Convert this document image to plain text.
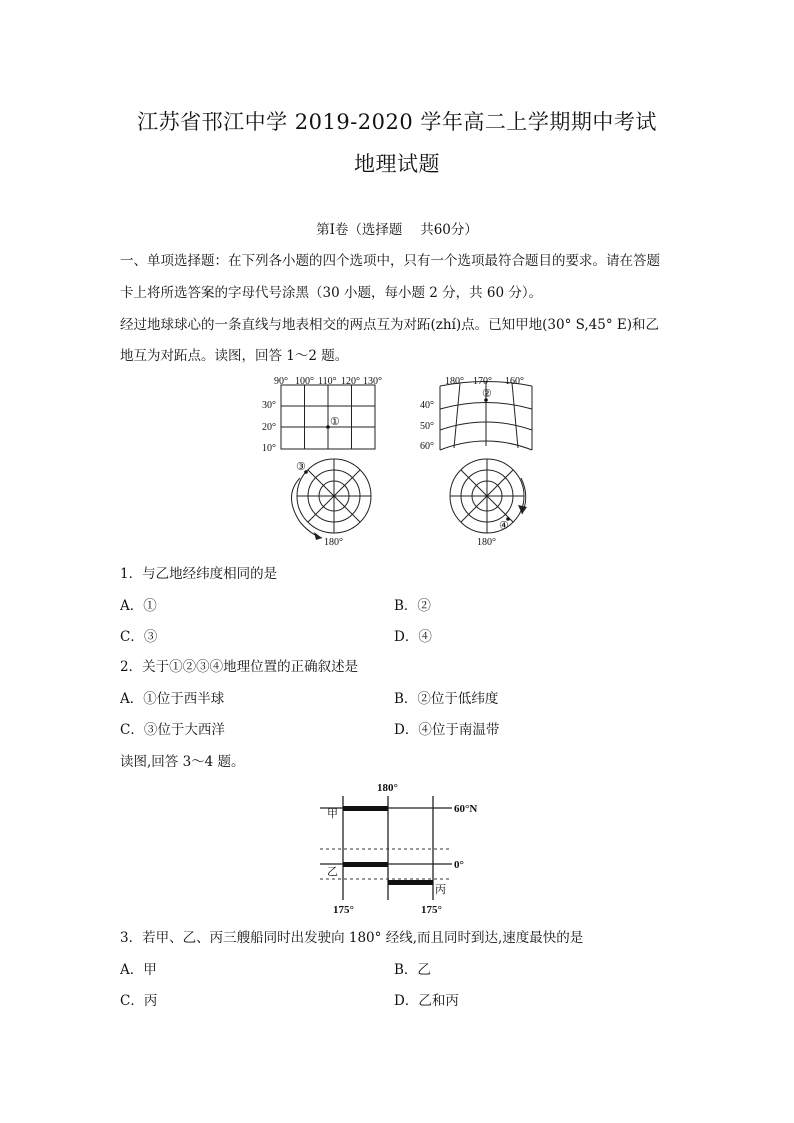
江苏省邗江中学 2019-2020 学年高二上学期期中考试
地理试题
第Ⅰ卷（选择题　 共60分）
一、单项选择题：在下列各小题的四个选项中，只有一个选项最符合题目的要求。请在答题
卡上将所选答案的字母代号涂黑（30 小题，每小题 2 分，共 60 分）。
经过地球球心的一条直线与地表相交的两点互为对跖(zhí)点。已知甲地(30° S,45° E)和乙
地互为对跖点。读图，回答 1～2 题。
90° 100° 110° 120° 130°
30°
20°
10°
①
180° 170° 160°
40°
50°
60°
②
③
180°
④
180°
1．与乙地经纬度相同的是
A．①	B．②
C．③	D．④
2．关于①②③④地理位置的正确叙述是
A．①位于西半球	B．②位于低纬度
C．③位于大西洋	D．④位于南温带
读图,回答 3～4 题。
180°
60°N
0°
175°	175°
甲
乙
丙
3．若甲、乙、丙三艘船同时出发驶向 180° 经线,而且同时到达,速度最快的是
A．甲	B．乙
C．丙	D．乙和丙
